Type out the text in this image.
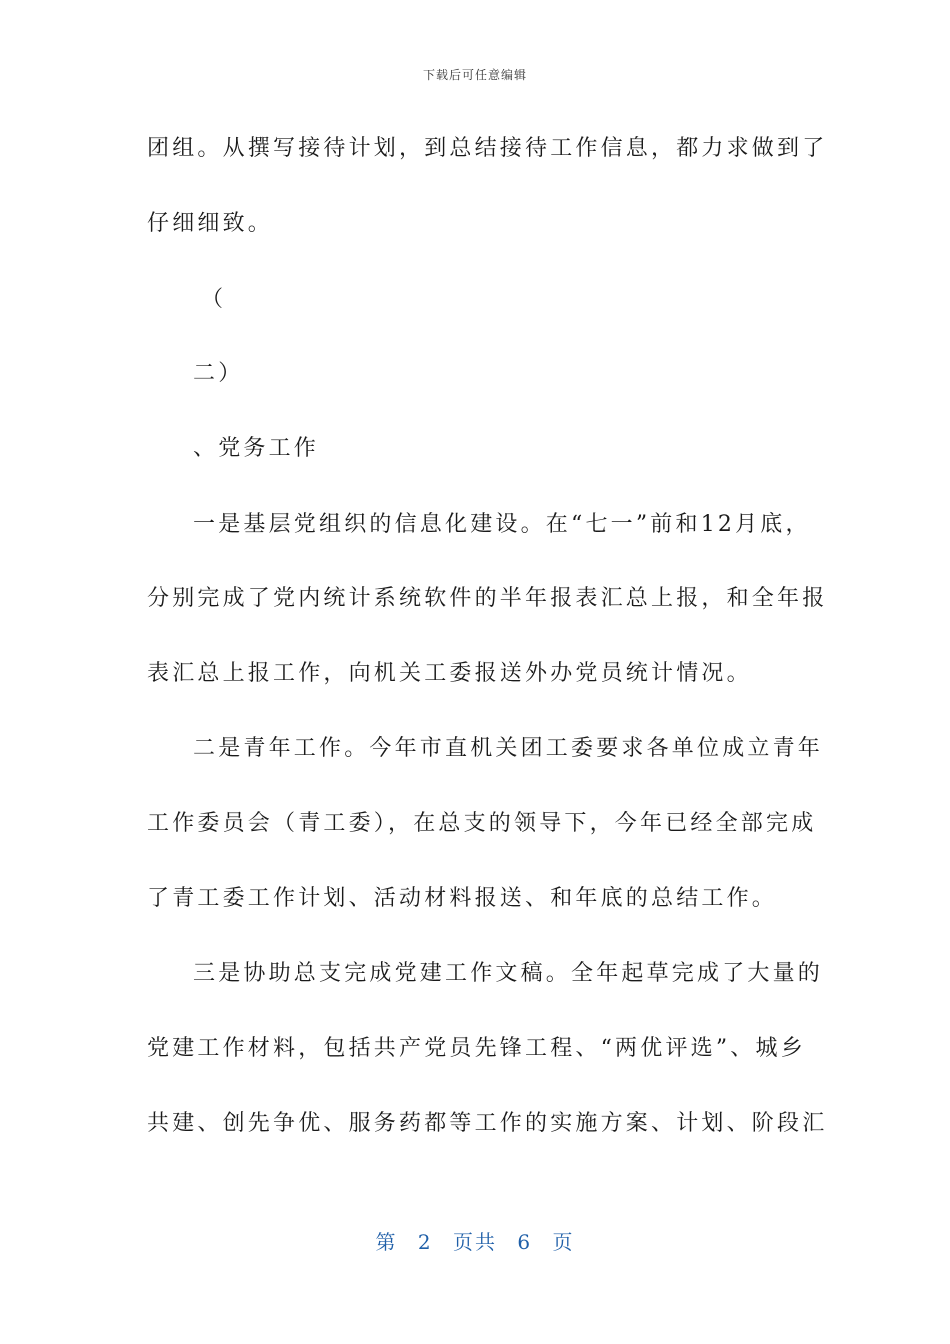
下载后可任意编辑
团组。从撰写接待计划，到总结接待工作信息，都力求做到了
仔细细致。
（
二）
、党务工作
一是基层党组织的信息化建设。在“七一”前和12月底，
分别完成了党内统计系统软件的半年报表汇总上报，和全年报
表汇总上报工作，向机关工委报送外办党员统计情况。
二是青年工作。今年市直机关团工委要求各单位成立青年
工作委员会（青工委），在总支的领导下，今年已经全部完成
了青工委工作计划、活动材料报送、和年底的总结工作。
三是协助总支完成党建工作文稿。全年起草完成了大量的
党建工作材料，包括共产党员先锋工程、“两优评选”、城乡
共建、创先争优、服务药都等工作的实施方案、计划、阶段汇
第 2 页共 6 页
